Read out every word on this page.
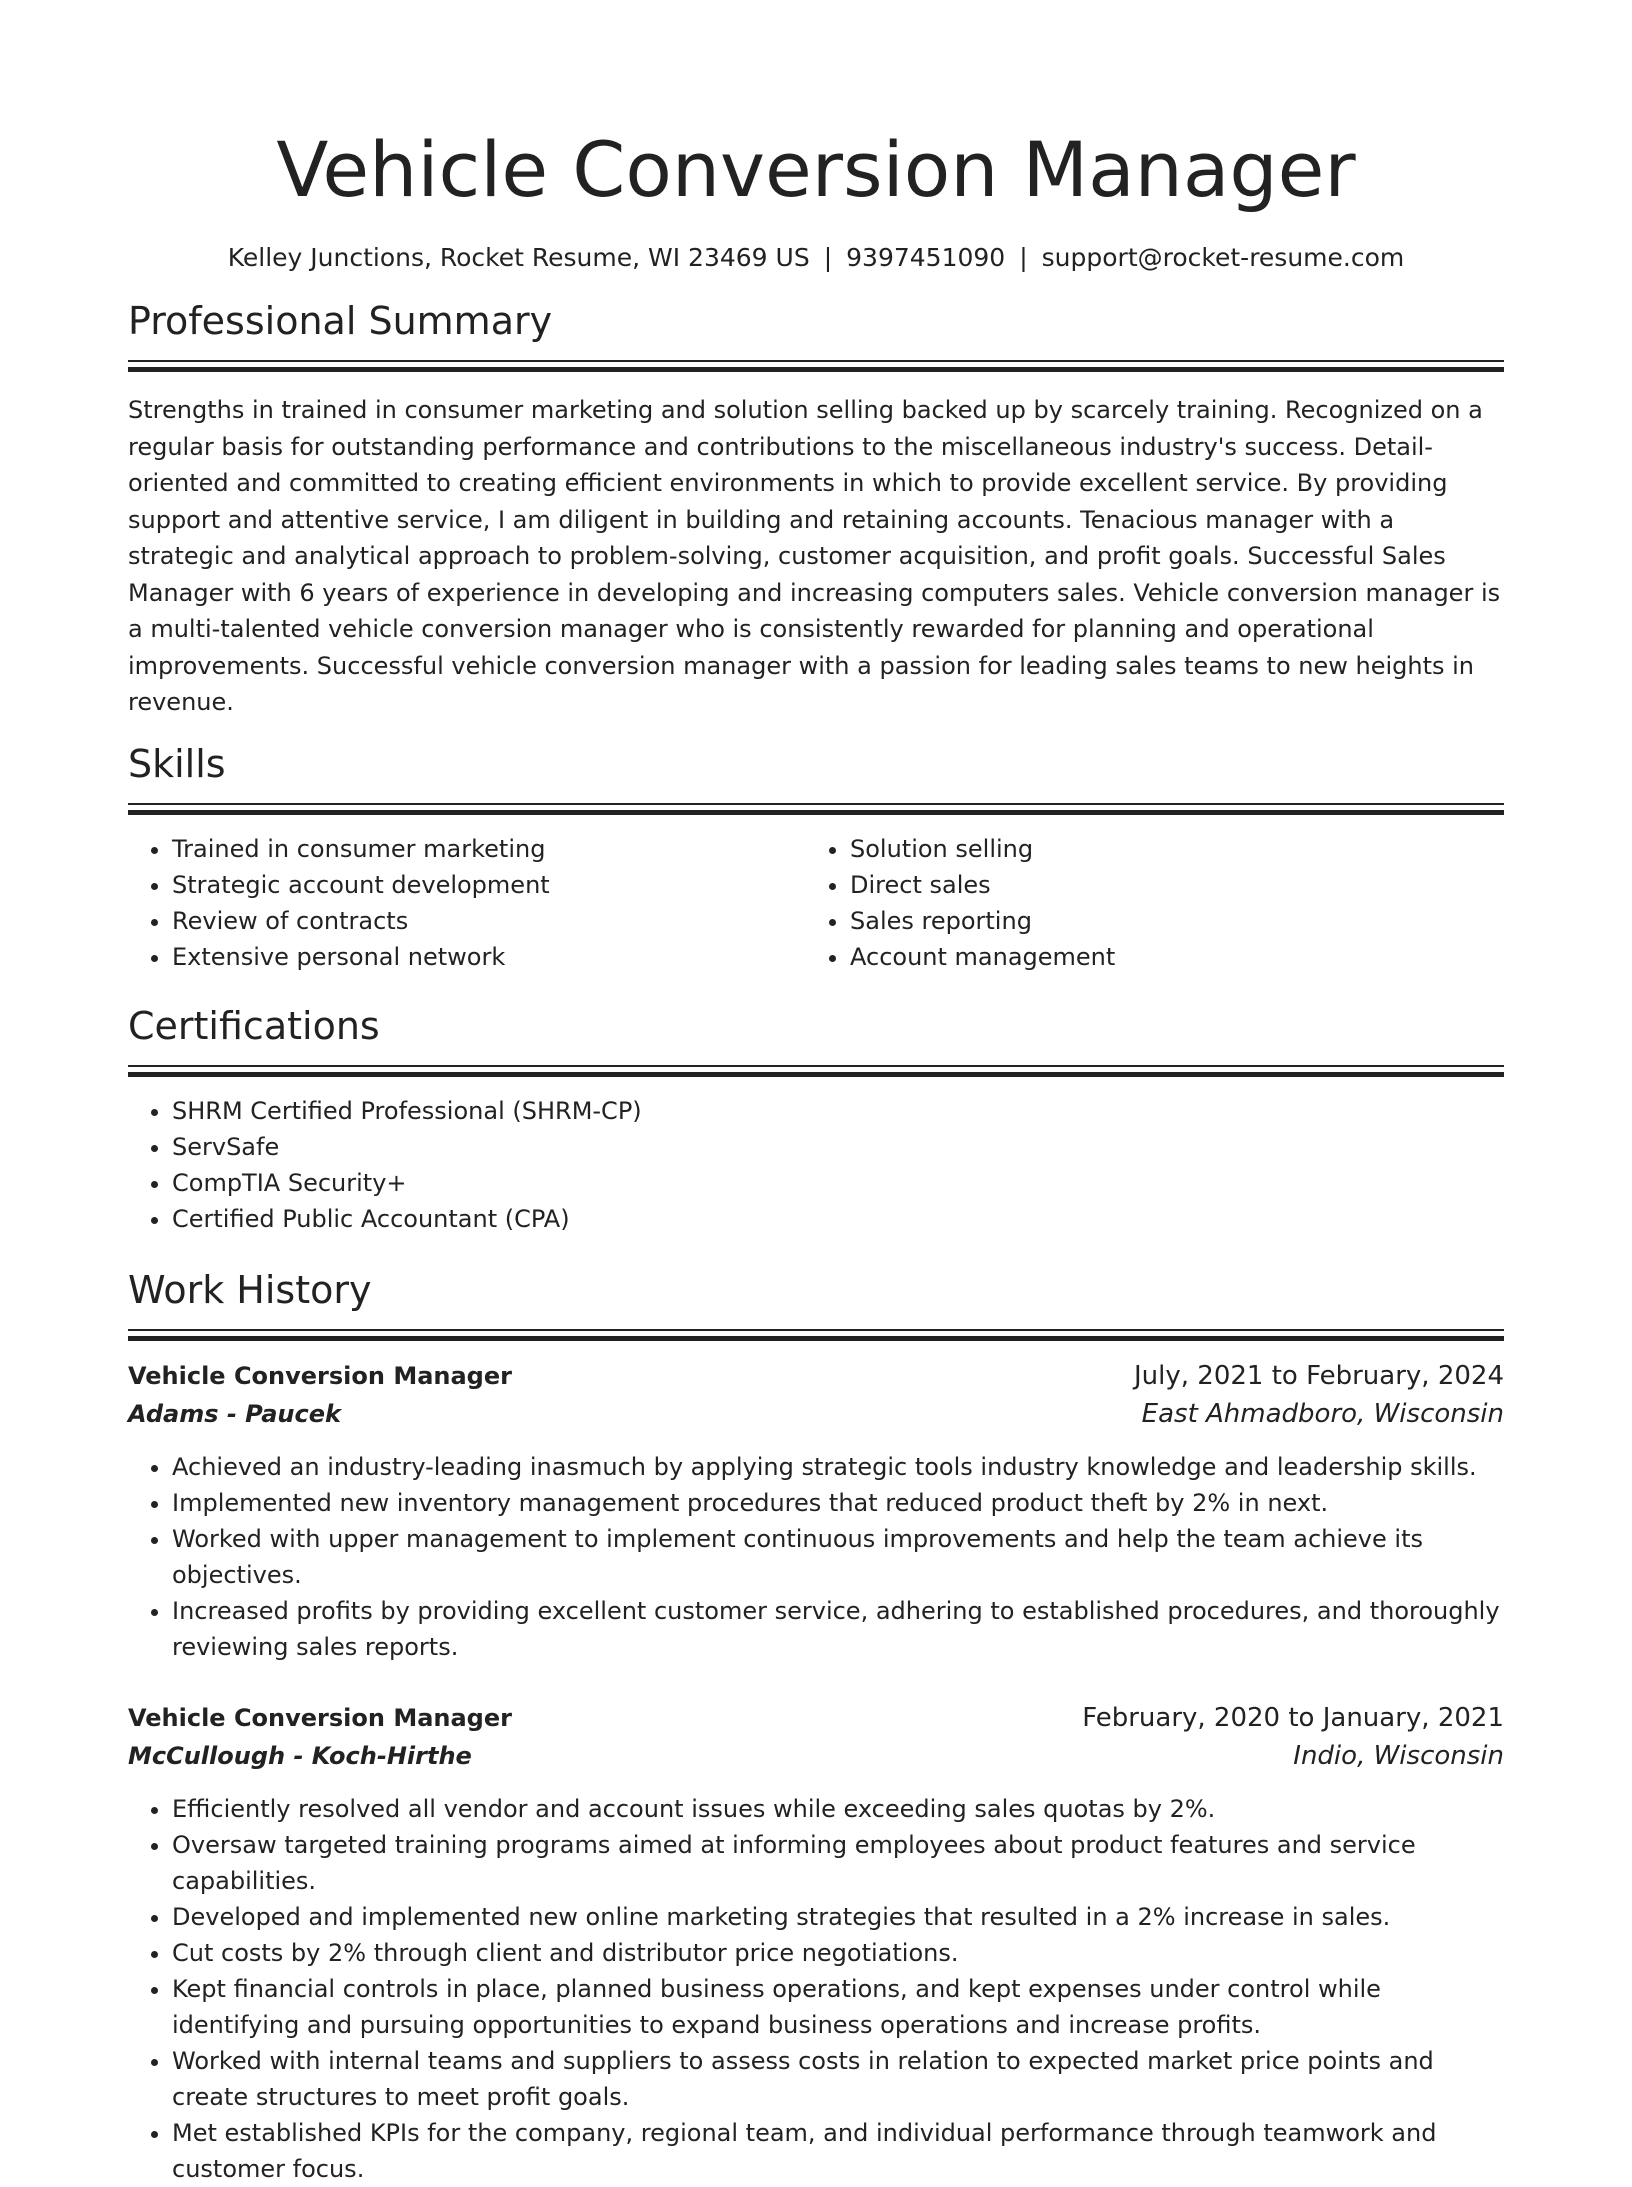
Vehicle Conversion Manager
Kelley Junctions, Rocket Resume, WI 23469 US | 9397451090 | support@rocket-resume.com
Professional Summary

Strengths in trained in consumer marketing and solution selling backed up by scarcely training. Recognized on a regular basis for outstanding performance and contributions to the miscellaneous industry's success. Detail-oriented and committed to creating efficient environments in which to provide excellent service. By providing support and attentive service, I am diligent in building and retaining accounts. Tenacious manager with a strategic and analytical approach to problem-solving, customer acquisition, and profit goals. Successful Sales Manager with 6 years of experience in developing and increasing computers sales. Vehicle conversion manager is a multi-talented vehicle conversion manager who is consistently rewarded for planning and operational improvements. Successful vehicle conversion manager with a passion for leading sales teams to new heights in revenue.

Skills
• Trained in consumer marketing
• Strategic account development
• Review of contracts
• Extensive personal network
• Solution selling
• Direct sales
• Sales reporting
• Account management
Certifications
• SHRM Certified Professional (SHRM-CP)
• ServSafe
• CompTIA Security+
• Certified Public Accountant (CPA)
Work History
Vehicle Conversion Manager	July, 2021 to February, 2024
Adams - Paucek	East Ahmadboro, Wisconsin
• Achieved an industry-leading inasmuch by applying strategic tools industry knowledge and leadership skills.
• Implemented new inventory management procedures that reduced product theft by 2% in next.
• Worked with upper management to implement continuous improvements and help the team achieve its objectives.
• Increased profits by providing excellent customer service, adhering to established procedures, and thoroughly reviewing sales reports.
Vehicle Conversion Manager	February, 2020 to January, 2021
McCullough - Koch-Hirthe	Indio, Wisconsin
• Efficiently resolved all vendor and account issues while exceeding sales quotas by 2%.
• Oversaw targeted training programs aimed at informing employees about product features and service capabilities.
• Developed and implemented new online marketing strategies that resulted in a 2% increase in sales.
• Cut costs by 2% through client and distributor price negotiations.
• Kept financial controls in place, planned business operations, and kept expenses under control while identifying and pursuing opportunities to expand business operations and increase profits.
• Worked with internal teams and suppliers to assess costs in relation to expected market price points and create structures to meet profit goals.
• Met established KPIs for the company, regional team, and individual performance through teamwork and customer focus.
